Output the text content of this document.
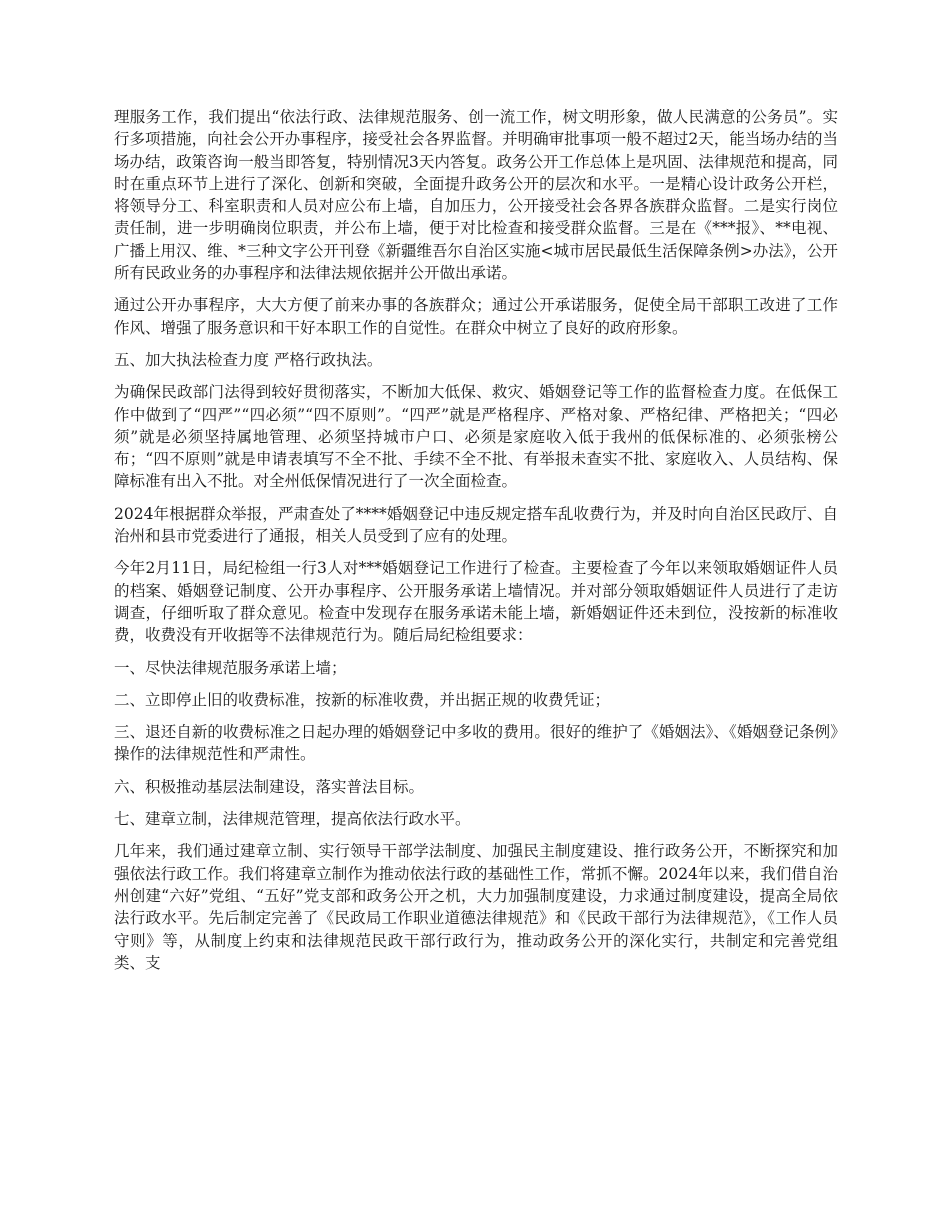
理服务工作，我们提出“依法行政、法律规范服务、创一流工作，树文明形象，做人民满意的公务员”。实行多项措施，向社会公开办事程序，接受社会各界监督。并明确审批事项一般不超过2天，能当场办结的当场办结，政策咨询一般当即答复，特别情况3天内答复。政务公开工作总体上是巩固、法律规范和提高，同时在重点环节上进行了深化、创新和突破，全面提升政务公开的层次和水平。一是精心设计政务公开栏，将领导分工、科室职责和人员对应公布上墙，自加压力，公开接受社会各界各族群众监督。二是实行岗位责任制，进一步明确岗位职责，并公布上墙，便于对比检查和接受群众监督。三是在《***报》、**电视、广播上用汉、维、*三种文字公开刊登《新疆维吾尔自治区实施<城市居民最低生活保障条例>办法》，公开所有民政业务的办事程序和法律法规依据并公开做出承诺。

通过公开办事程序，大大方便了前来办事的各族群众；通过公开承诺服务，促使全局干部职工改进了工作作风、增强了服务意识和干好本职工作的自觉性。在群众中树立了良好的政府形象。

五、加大执法检查力度 严格行政执法。

为确保民政部门法得到较好贯彻落实，不断加大低保、救灾、婚姻登记等工作的监督检查力度。在低保工作中做到了“四严”“四必须”“四不原则”。“四严”就是严格程序、严格对象、严格纪律、严格把关；“四必须”就是必须坚持属地管理、必须坚持城市户口、必须是家庭收入低于我州的低保标准的、必须张榜公布；“四不原则”就是申请表填写不全不批、手续不全不批、有举报未查实不批、家庭收入、人员结构、保障标准有出入不批。对全州低保情况进行了一次全面检查。

2024年根据群众举报，严肃查处了****婚姻登记中违反规定搭车乱收费行为，并及时向自治区民政厅、自治州和县市党委进行了通报，相关人员受到了应有的处理。

今年2月11日，局纪检组一行3人对***婚姻登记工作进行了检查。主要检查了今年以来领取婚姻证件人员的档案、婚姻登记制度、公开办事程序、公开服务承诺上墙情况。并对部分领取婚姻证件人员进行了走访调查，仔细听取了群众意见。检查中发现存在服务承诺未能上墙，新婚姻证件还未到位，没按新的标准收费，收费没有开收据等不法律规范行为。随后局纪检组要求：

一、尽快法律规范服务承诺上墙；

二、立即停止旧的收费标准，按新的标准收费，并出据正规的收费凭证；

三、退还自新的收费标准之日起办理的婚姻登记中多收的费用。很好的维护了《婚姻法》、《婚姻登记条例》操作的法律规范性和严肃性。

六、积极推动基层法制建设，落实普法目标。

七、建章立制，法律规范管理，提高依法行政水平。

几年来，我们通过建章立制、实行领导干部学法制度、加强民主制度建设、推行政务公开，不断探究和加强依法行政工作。我们将建章立制作为推动依法行政的基础性工作，常抓不懈。2024年以来，我们借自治州创建“六好”党组、“五好”党支部和政务公开之机，大力加强制度建设，力求通过制度建设，提高全局依法行政水平。先后制定完善了《民政局工作职业道德法律规范》和《民政干部行为法律规范》，《工作人员守则》等，从制度上约束和法律规范民政干部行政行为，推动政务公开的深化实行，共制定和完善党组类、支
